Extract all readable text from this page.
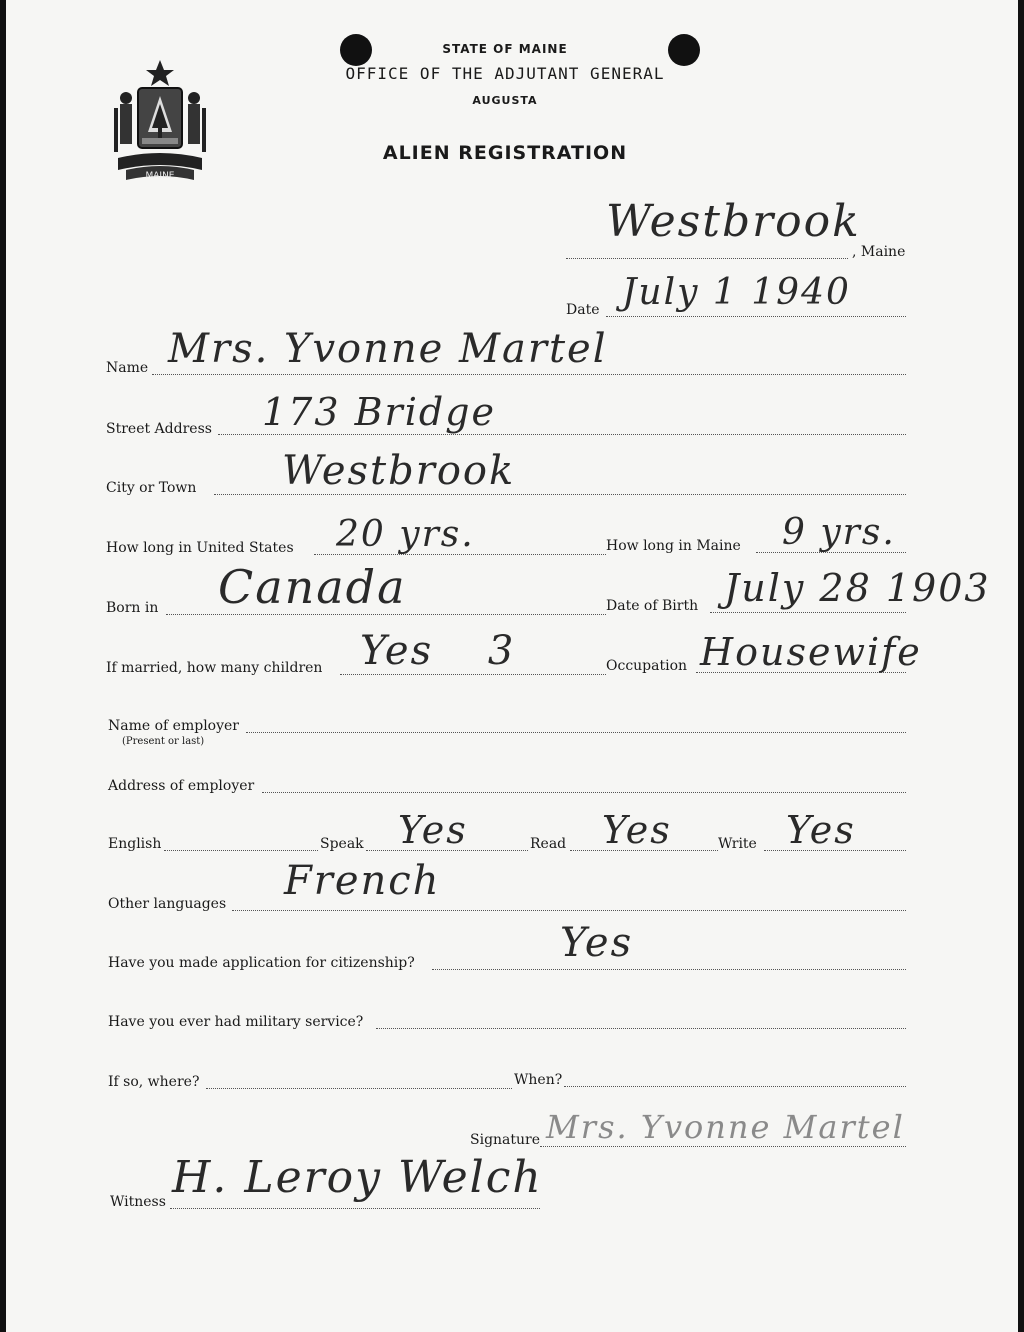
MAINE
STATE OF MAINE
OFFICE OF THE ADJUTANT GENERAL
AUGUSTA
ALIEN REGISTRATION
Westbrook
, Maine
Date July 1 1940
Name Mrs. Yvonne Martel
Street Address 173 Bridge
City or Town Westbrook
How long in United States 20 yrs.	How long in Maine 9 yrs.
Born in Canada	Date of Birth July 28 1903
If married, how many children Yes 3	Occupation Housewife
Name of employer
(Present or last)
Address of employer
English	Speak Yes	Read Yes	Write Yes
Other languages French
Have you made application for citizenship?	Yes
Have you ever had military service?
If so, where?	When?
Signature Mrs. Yvonne Martel
Witness H. Leroy Welch
